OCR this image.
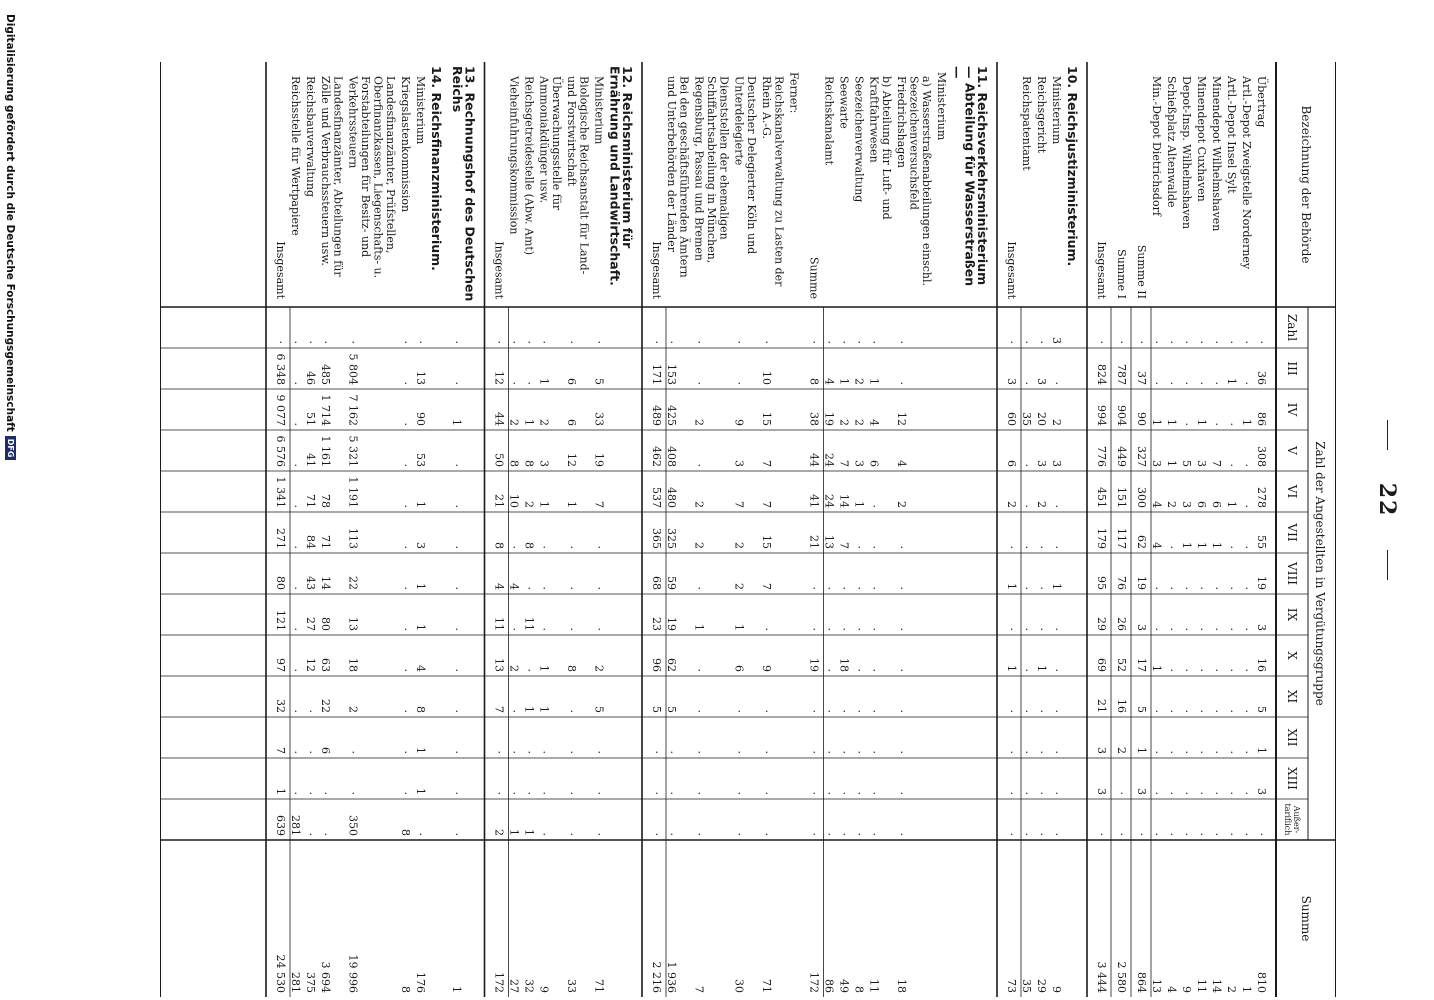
22
Bezeichnung der Behörde
Zahl der Angestellten in Vergütungsgruppe
Zahl
III
IV
V
VI
VII
VIII
IX
X
XI
XII
XIII
Außer-
tariflich
Summe
Übertrag
·
36
86
308
278
55
19
3
16
5
1
3
·
810
Artl.-Depot Zweigstelle Norderney
·
·
1
·
·
·
·
·
·
·
·
·
·
1
Artl.-Depot Insel Sylt
·
1
·
·
1
·
·
·
·
·
·
·
·
2
Minendepot Wilhelmshaven
·
·
·
7
6
1
·
·
·
·
·
·
·
14
Minendepot Cuxhaven
·
·
1
3
6
1
·
·
·
·
·
·
·
11
Depot-Insp. Wilhelmshaven
·
·
·
5
3
1
·
·
·
·
·
·
·
9
Schießplatz Altenwalde
·
·
1
1
2
·
·
·
·
·
·
·
·
4
Min.-Depot Dietrichsdorf
·
·
1
3
4
4
·
·
1
·
·
·
·
13
Summe II
·
37
90
327
300
62
19
3
17
5
1
3
·
864
Summe I
·
787
904
449
151
117
76
26
52
16
2
·
·
2 580
Insgesamt
·
824
994
776
451
179
95
29
69
21
3
3
·
3 444
10. Reichsjustizministerium.
Ministerium
3
·
2
3
·
·
1
·
·
·
·
·
·
9
Reichsgericht
·
3
20
3
2
·
·
·
1
·
·
·
·
29
Reichspatentamt
·
·
35
·
·
·
·
·
·
·
·
·
·
35
Insgesamt
·
3
60
6
2
·
1
·
1
·
·
·
·
73
11. Reichsverkehrsministerium
— Abteilung für Wasserstraßen
—
Ministerium
a) Wasserstraßenabteilungen einschl.
Seezeichenversuchsfeld
Friedrichshagen
·
·
12
4
2
·
·
·
·
·
·
·
·
18
b) Abteilung für Luft- und
Kraftfahrwesen
·
1
4
6
·
·
·
·
·
·
·
·
·
11
Seezeichenverwaltung
·
2
2
3
1
·
·
·
·
·
·
·
·
8
Seewarte
·
1
2
7
14
7
·
·
18
·
·
·
·
49
Reichskanalamt
·
4
19
24
24
13
·
·
·
·
·
·
·
86
Summe
·
8
38
44
41
21
·
·
19
·
·
·
·
172
Ferner:
Reichskanalverwaltung zu Lasten der
Rhein A.-G.
·
10
15
7
7
15
7
·
9
·
·
·
·
71
Deutscher Delegierter Köln und
Unterdelegierte
·
·
9
3
7
2
2
1
6
·
·
·
·
30
Dienststellen der ehemaligen
Schiffahrtsabteilung in München,
Regensburg, Passau und Bremen
·
·
2
·
2
2
·
1
·
·
·
·
·
7
Bei den geschäftsführenden Ämtern
und Unterbehörden der Länder
·
153
425
408
480
325
59
19
62
5
·
·
·
1 936
Insgesamt
·
171
489
462
537
365
68
23
96
5
·
·
·
2 216
12. Reichsministerium für
Ernährung und Landwirtschaft.
Ministerium
·
5
33
19
7
·
·
·
2
5
·
·
·
71
Biologische Reichsanstalt für Land-
und Forstwirtschaft
·
6
6
12
1
·
·
·
8
·
·
·
·
33
Überwachungsstelle für
Ammoniakdünger usw.
·
1
2
3
1
·
·
·
1
1
·
·
·
9
Reichsgetreidestelle (Abw. Amt)
·
·
1
8
2
8
·
11
·
1
·
·
1
32
Vieheinfuhrungskommission
·
·
2
8
10
·
4
·
2
·
·
·
1
27
Insgesamt
·
12
44
50
21
8
4
11
13
7
·
·
2
172
13. Rechnungshof des Deutschen
Reichs
·
·
1
·
·
·
·
·
·
·
·
·
·
1
14. Reichsfinanzministerium.
Ministerium
·
13
90
53
1
3
1
1
4
8
1
1
·
176
Kriegslastenkommission
·
·
·
·
·
·
·
·
·
·
·
·
8
8
Landesfinanzämter, Prüfstellen,
Oberfinanzkassen, Liegenschafts- u.
Forstabteilungen für Besitz- und
Verkehrssteuern
·
5 804
7 162
5 321
1 191
113
22
13
18
2
·
·
350
19 996
Landesfinanzämter, Abteilungen für
Zölle und Verbrauchssteuern usw.
·
485
1 714
1 161
78
71
14
80
63
22
6
·
·
3 694
Reichsbauverwaltung
·
46
51
41
71
84
43
27
12
·
·
·
·
375
Reichsstelle für Wertpapiere
·
·
·
·
·
·
·
·
·
·
·
·
281
281
Insgesamt
·
6 348
9 077
6 576
1 341
271
80
121
97
32
7
1
639
24 530
Digitalisierung gefördert durch die Deutsche ForschungsgemeinschaftDFG
